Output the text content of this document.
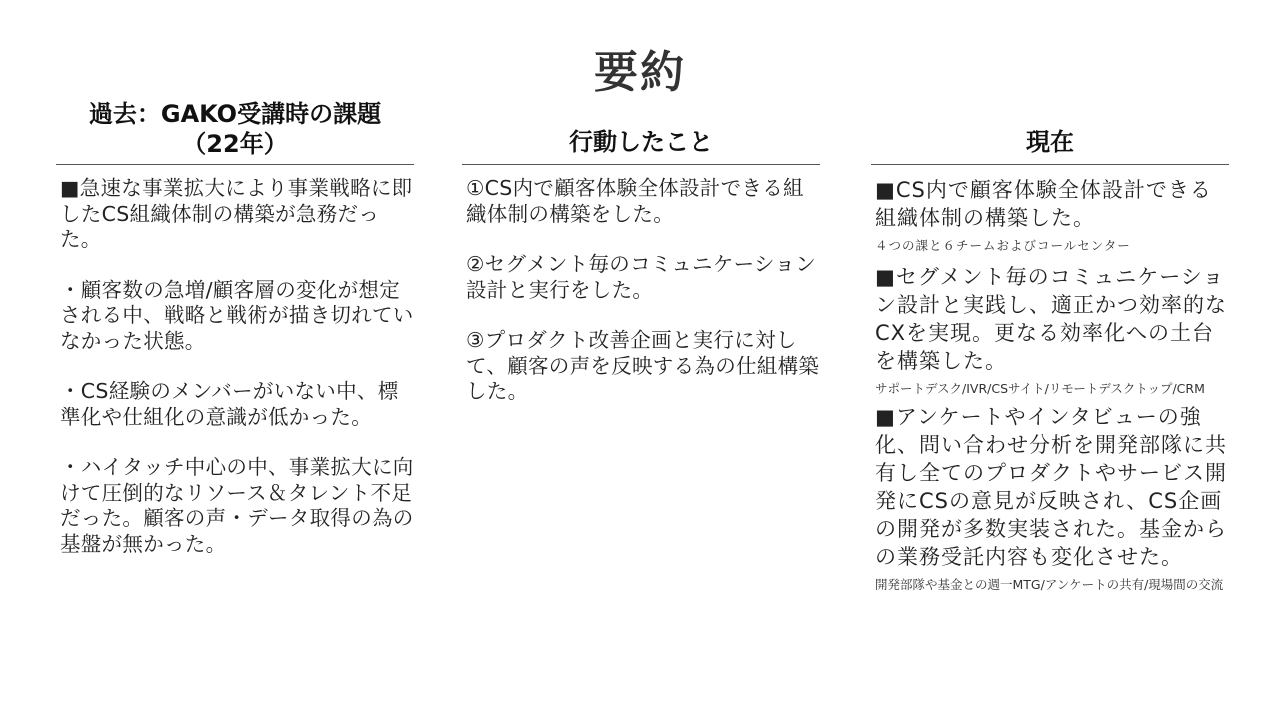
要約
過去：GAKO受講時の課題
（22年）

■急速な事業拡大により事業戦略に即したCS組織体制の構築が急務だった。

・顧客数の急増/顧客層の変化が想定される中、戦略と戦術が描き切れていなかった状態。

・CS経験のメンバーがいない中、標準化や仕組化の意識が低かった。

・ハイタッチ中心の中、事業拡大に向けて圧倒的なリソース＆タレント不足だった。顧客の声・データ取得の為の基盤が無かった。

行動したこと

①CS内で顧客体験全体設計できる組織体制の構築をした。

②セグメント毎のコミュニケーション設計と実行をした。

③プロダクト改善企画と実行に対して、顧客の声を反映する為の仕組構築した。

現在

■CS内で顧客体験全体設計できる組織体制の構築した。

４つの課と６チームおよびコールセンター

■セグメント毎のコミュニケーション設計と実践し、適正かつ効率的なCXを実現。更なる効率化への土台を構築した。

サポートデスク/IVR/CSサイト/リモートデスクトップ/CRM

■アンケートやインタビューの強化、問い合わせ分析を開発部隊に共有し全てのプロダクトやサービス開発にCSの意見が反映され、CS企画の開発が多数実装された。基金からの業務受託内容も変化させた。

開発部隊や基金との週一MTG/アンケートの共有/現場間の交流
